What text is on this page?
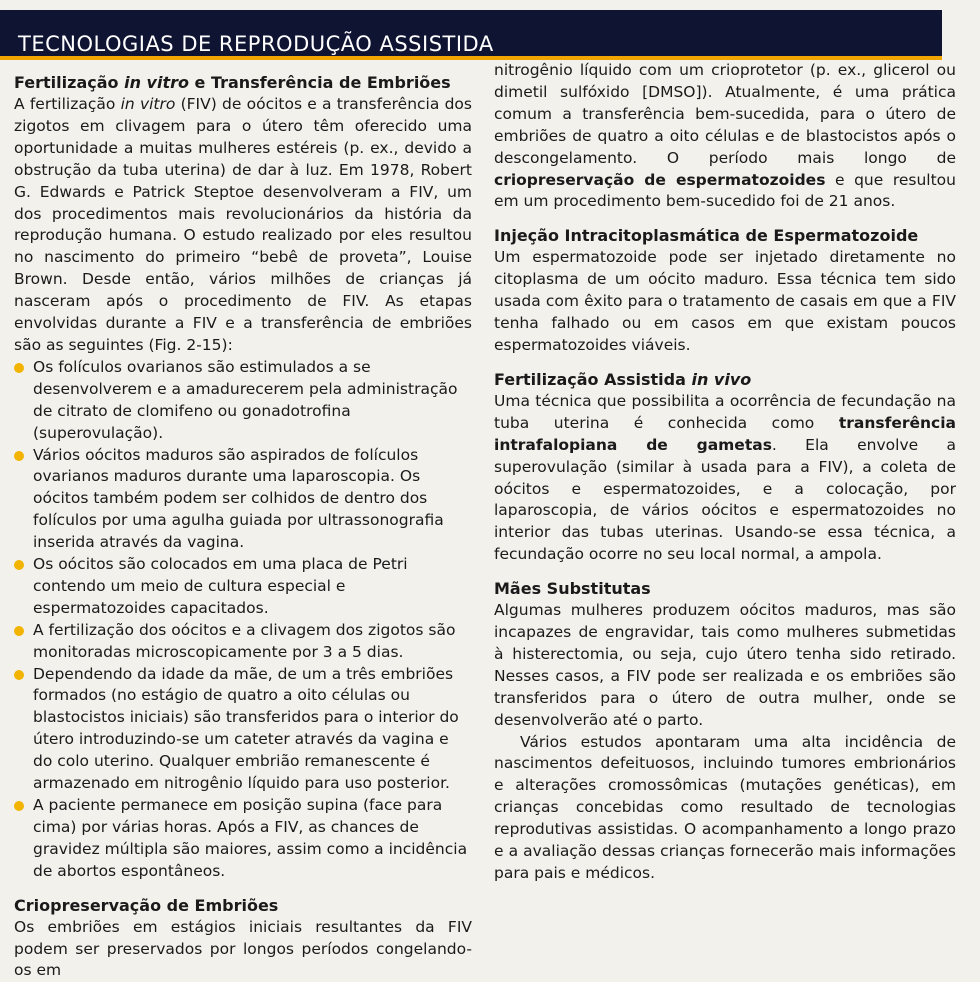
TECNOLOGIAS DE REPRODUÇÃO ASSISTIDA
Fertilização in vitro e Transferência de Embriões
A fertilização in vitro (FIV) de oócitos e a transferência dos zigotos em clivagem para o útero têm oferecido uma oportunidade a muitas mulheres estéreis (p. ex., devido a obstrução da tuba uterina) de dar à luz. Em 1978, Robert G. Edwards e Patrick Steptoe desenvolveram a FIV, um dos procedimentos mais revolucionários da história da reprodução humana. O estudo realizado por eles resultou no nascimento do primeiro “bebê de proveta”, Louise Brown. Desde então, vários milhões de crianças já nasceram após o procedimento de FIV. As etapas envolvidas durante a FIV e a transferência de embriões são as seguintes (Fig. 2-15):
Os folículos ovarianos são estimulados a se desenvolverem e a amadurecerem pela administração de citrato de clomifeno ou gonadotrofina (superovulação).
Vários oócitos maduros são aspirados de folículos ovarianos maduros durante uma laparoscopia. Os oócitos também podem ser colhidos de dentro dos folículos por uma agulha guiada por ultrassonografia inserida através da vagina.
Os oócitos são colocados em uma placa de Petri contendo um meio de cultura especial e espermatozoides capacitados.
A fertilização dos oócitos e a clivagem dos zigotos são monitoradas microscopicamente por 3 a 5 dias.
Dependendo da idade da mãe, de um a três embriões formados (no estágio de quatro a oito células ou blastocistos iniciais) são transferidos para o interior do útero introduzindo-se um cateter através da vagina e do colo uterino. Qualquer embrião remanescente é armazenado em nitrogênio líquido para uso posterior.
A paciente permanece em posição supina (face para cima) por várias horas. Após a FIV, as chances de gravidez múltipla são maiores, assim como a incidência de abortos espontâneos.
Criopreservação de Embriões
Os embriões em estágios iniciais resultantes da FIV podem ser preservados por longos períodos congelando-os em
nitrogênio líquido com um crioprotetor (p. ex., glicerol ou dimetil sulfóxido [DMSO]). Atualmente, é uma prática comum a transferência bem-sucedida, para o útero de embriões de quatro a oito células e de blastocistos após o descongelamento. O período mais longo de criopreservação de espermatozoides e que resultou em um procedimento bem-sucedido foi de 21 anos.
Injeção Intracitoplasmática de Espermatozoide
Um espermatozoide pode ser injetado diretamente no citoplasma de um oócito maduro. Essa técnica tem sido usada com êxito para o tratamento de casais em que a FIV tenha falhado ou em casos em que existam poucos espermatozoides viáveis.
Fertilização Assistida in vivo
Uma técnica que possibilita a ocorrência de fecundação na tuba uterina é conhecida como transferência intrafalopiana de gametas. Ela envolve a superovulação (similar à usada para a FIV), a coleta de oócitos e espermatozoides, e a colocação, por laparoscopia, de vários oócitos e espermatozoides no interior das tubas uterinas. Usando-se essa técnica, a fecundação ocorre no seu local normal, a ampola.
Mães Substitutas
Algumas mulheres produzem oócitos maduros, mas são incapazes de engravidar, tais como mulheres submetidas à histerectomia, ou seja, cujo útero tenha sido retirado. Nesses casos, a FIV pode ser realizada e os embriões são transferidos para o útero de outra mulher, onde se desenvolverão até o parto.
Vários estudos apontaram uma alta incidência de nascimentos defeituosos, incluindo tumores embrionários e alterações cromossômicas (mutações genéticas), em crianças concebidas como resultado de tecnologias reprodutivas assistidas. O acompanhamento a longo prazo e a avaliação dessas crianças fornecerão mais informações para pais e médicos.
